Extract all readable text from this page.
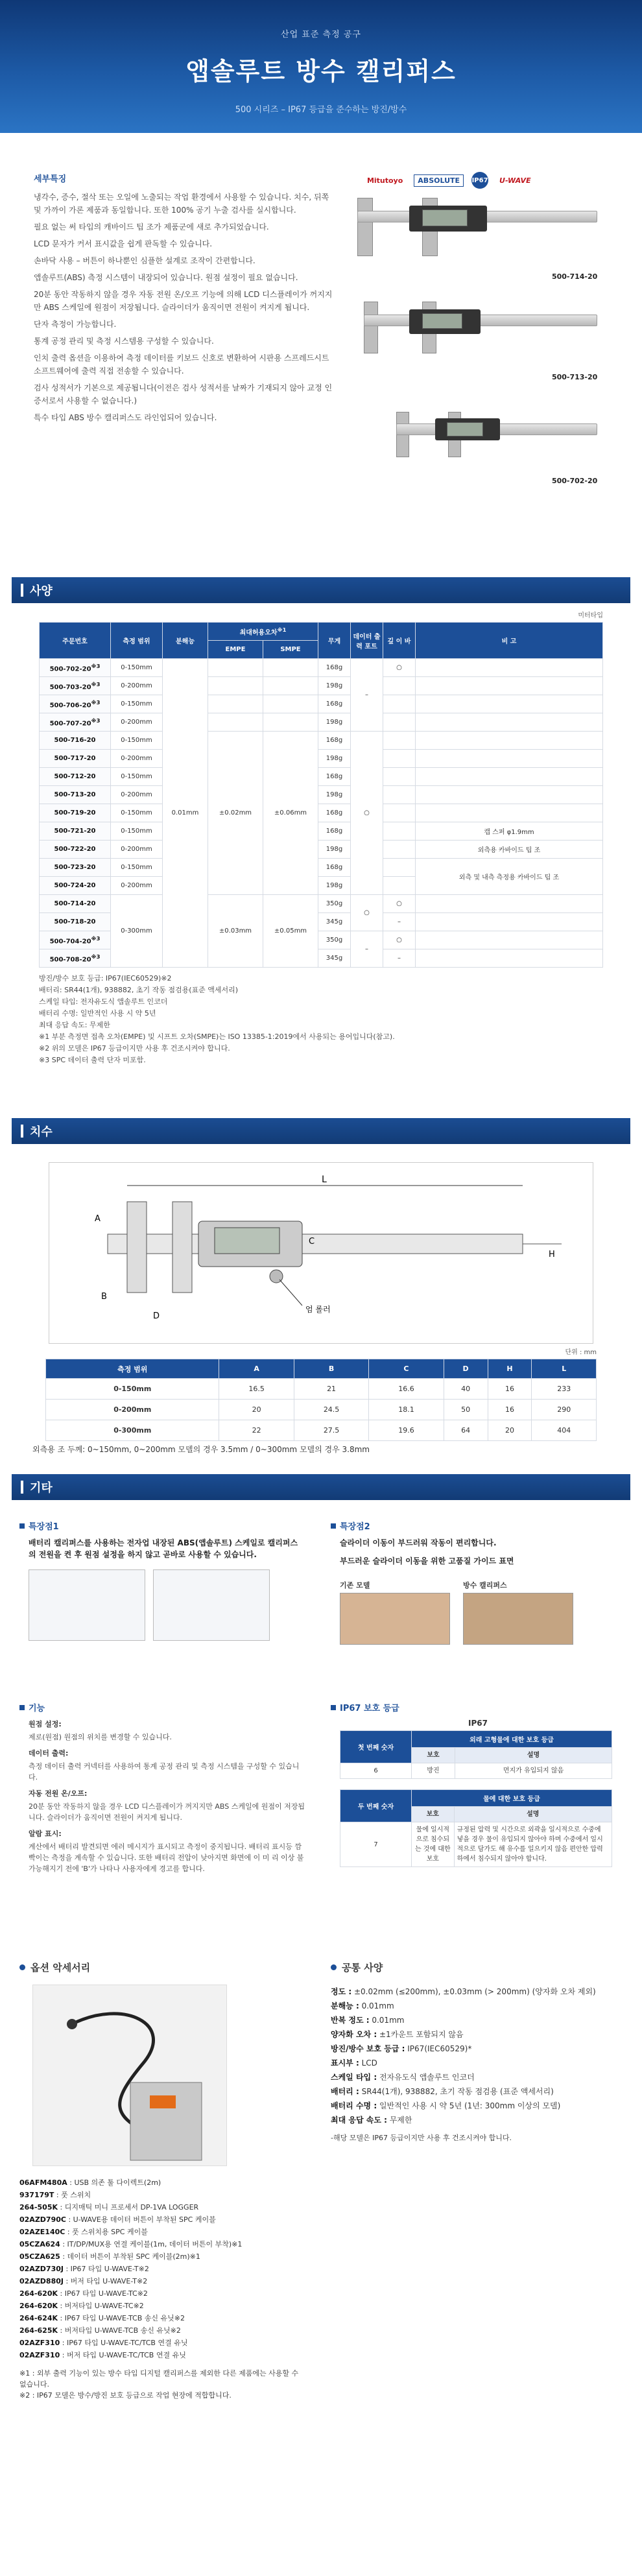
산업 표준 측정 공구
앱솔루트 방수 캘리퍼스
500 시리즈 – IP67 등급을 준수하는 방진/방수
세부특징

냉각수, 증수, 절삭 또는 오일에 노출되는 작업 환경에서 사용할 수 있습니다. 치수, 뒤쪽 및 가까이 가론 제품과 동일합니다. 또한 100% 공기 누출 검사를 실시합니다.

필요 없는 써 타입의 캐바이드 팁 조가 제품군에 새로 추가되었습니다.

LCD 문자가 커서 표시값을 쉽게 판독할 수 있습니다.

손바닥 사용 – 버튼이 하나뿐인 심플한 설계로 조작이 간편합니다.

앱솔루트(ABS) 측정 시스템이 내장되어 있습니다. 원점 설정이 필요 없습니다.

20분 동안 작동하지 않을 경우 자동 전원 온/오프 기능에 의해 LCD 디스플레이가 꺼지지만 ABS 스케일에 원점이 저장됩니다. 슬라이더가 움직이면 전원이 켜지게 됩니다.

단자 측정이 가능합니다.

통계 공정 관리 및 측정 시스템용 구성할 수 있습니다.

인치 출력 옵션을 이용하여 측정 데이터를 키보드 신호로 변환하여 시판용 스프레드시트 소프트웨어에 출력 직접 전송할 수 있습니다.

검사 성적서가 기본으로 제공됩니다(이전은 검사 성적서를 날짜가 기재되지 않아 교정 인증서로서 사용할 수 없습니다.)

특수 타입 ABS 방수 캘리퍼스도 라인업되어 있습니다.

Mitutoyo	ABSOLUTE	IP67	U-WAVE
500-714-20
500-713-20
500-702-20
사양
미터타입
주문번호	측정 범위	분해능	최대허용오차$^{※1}$		무게	데이터 출력 포트	깊 이 바	비 고
			EMPE	SMPE				
500-702-20$^{※3}$	0-150mm	0.01mm			168g	–	○	
500-703-20$^{※3}$	0-200mm				198g			
500-706-20$^{※3}$	0-150mm				168g			
500-707-20$^{※3}$	0-200mm				198g			
500-716-20	0-150mm		±0.02mm	±0.06mm	168g	○		
500-717-20	0-200mm				198g			
500-712-20	0-150mm				168g			
500-713-20	0-200mm				198g			
500-719-20	0-150mm				168g			
500-721-20	0-150mm				168g			캡 스퍼 φ1.9mm
500-722-20	0-200mm				198g			외측용 카바이드 팁 조
500-723-20	0-150mm				168g			외측 및 내측 측정용 카바이드 팁 조
500-724-20	0-200mm				198g			
500-714-20	0-300mm		±0.03mm	±0.05mm	350g	○	○	
500-718-20					345g		–	
500-704-20$^{※3}$					350g	–	○	
500-708-20$^{※3}$					345g		–	
방진/방수 보호 등급: IP67(IEC60529)※2
배터리: SR44(1개), 938882, 초기 작동 점검용(표준 액세서리)
스케일 타입: 전자유도식 앱솔루트 인코더
배터리 수명: 일반적인 사용 시 약 5년
최대 응답 속도: 무제한
※1 부분 측정면 접촉 오차(EMPE) 및 시프트 오차(SMPE)는 ISO 13385-1:2019에서 사용되는 용어입니다(참고).
※2 위의 모델은 IP67 등급이지만 사용 후 건조시켜야 합니다.
※3 SPC 데이터 출력 단자 미포함.
치수
L
A
B
C
D
H
엄 롤러
단위 : mm
측정 범위	A	B	C	D	H	L
0-150mm	16.5	21	16.6	40	16	233
0-200mm	20	24.5	18.1	50	16	290
0-300mm	22	27.5	19.6	64	20	404
외측용 조 두께: 0~150mm, 0~200mm 모델의 경우 3.5mm / 0~300mm 모델의 경우 3.8mm
기타
특장점1

배터리 캘리퍼스를 사용하는 전자업 내장된 ABS(앱솔루트) 스케일로 캘리퍼스의 전원을 켠 후 원점 설정을 하지 않고 곧바로 사용할 수 있습니다.

특장점2

슬라이더 이동이 부드러워 작동이 편리합니다.

부드러운 슬라이더 이동을 위한 고품질 가이드 표면

기존 모델	방수 캘리퍼스
기능
원점 설정:
제로(원점) 원점의 위치를 변경할 수 있습니다.
데이터 출력:
측정 데이터 출력 커넥터를 사용하여 통계 공정 관리 및 측정 시스템을 구성할 수 있습니다.
자동 전원 온/오프:
20분 동안 작동하지 않을 경우 LCD 디스플레이가 꺼지지만 ABS 스케일에 원점이 저장됩니다. 슬라이더가 움직이면 전원이 켜지게 됩니다.
알람 표시:
계산에서 배터리 발견되면 에러 메시지가 표시되고 측정이 중지됩니다. 배터리 표시등 깜빡이는 측정을 계속할 수 있습니다. 또한 배터리 전압이 낮아지면 화면에 이 미 리 이상 불가능해지기 전에 'B'가 나타나 사용자에게 경고를 합니다.
IP67 보호 등급
IP67
첫 번째 숫자	외래 고형물에 대한 보호 등급	
	보호	설명
6	방진	먼지가 유입되지 않음
두 번째 숫자	물에 대한 보호 등급	
	보호	설명
7	물에 일시적으로 침수되는 것에 대한 보호	규정된 압력 및 시간으로 외곽을 일시적으로 수중에 넣을 경우 물이 유입되지 않아야 하며 수중에서 일시적으로 담가도 해 유수를 일으키지 않음 편안한 압력 하에서 침수되지 않아야 합니다.
옵션 악세서리
06AFM480A : USB 의존 툴 다이렉트(2m)
937179T : 풋 스위치
264-505K : 디지매틱 미니 프로세서 DP-1VA LOGGER
02AZD790C : U-WAVE용 데이터 버튼이 부착된 SPC 케이블
02AZE140C : 풋 스위치용 SPC 케이블
05CZA624 : IT/DP/MUX용 연결 케이블(1m, 데이터 버튼이 부착)※1
05CZA625 : 데이터 버튼이 부착된 SPC 케이블(2m)※1
02AZD730J : IP67 타입 U-WAVE-T※2
02AZD880J : 버저 타입 U-WAVE-T※2
264-620K : IP67 타입 U-WAVE-TC※2
264-620K : 버저타입 U-WAVE-TC※2
264-624K : IP67 타입 U-WAVE-TCB 송신 유닛※2
264-625K : 버저타입 U-WAVE-TCB 송신 유닛※2
02AZF310 : IP67 타입 U-WAVE-TC/TCB 연결 유닛
02AZF310 : 버저 타입 U-WAVE-TC/TCB 연결 유닛
※1 : 외부 출력 기능이 있는 방수 타입 디지털 캘리퍼스를 제외한 다른 제품에는 사용할 수 없습니다.
※2 : IP67 모델은 방수/방진 보호 등급으로 작업 현장에 적합합니다.
공통 사양
정도 : ±0.02mm (≤200mm), ±0.03mm (> 200mm) (양자화 오차 제외)
분해능 : 0.01mm
반복 정도 : 0.01mm
양자화 오차 : ±1카운트 포함되지 않음
방진/방수 보호 등급 : IP67(IEC60529)*
표시부 : LCD
스케일 타입 : 전자유도식 앱솔루트 인코더
배터리 : SR44(1개), 938882, 초기 작동 점검용 (표준 액세서리)
배터리 수명 : 일반적인 사용 시 약 5년 (1년: 300mm 이상의 모델)
최대 응답 속도 : 무제한
-해당 모델은 IP67 등급이지만 사용 후 건조시켜야 합니다.
